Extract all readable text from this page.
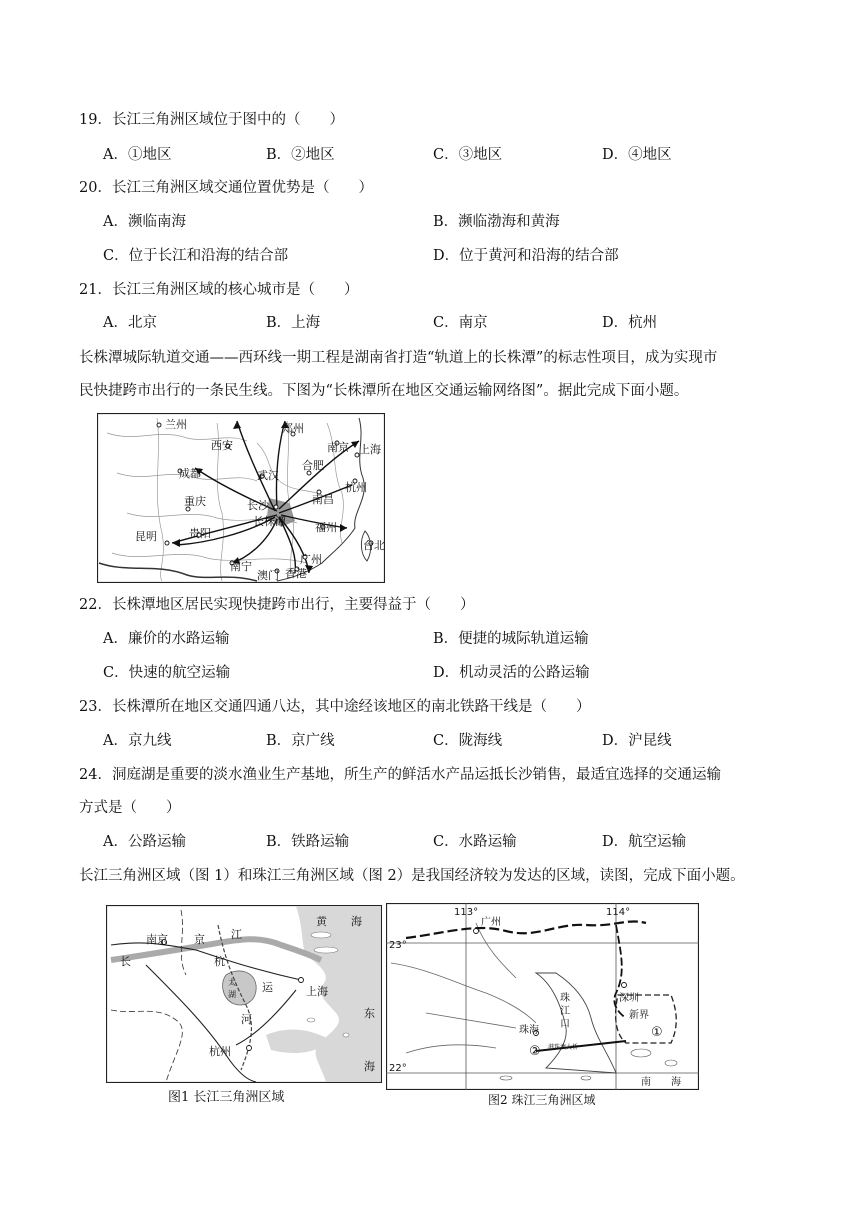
19．长江三角洲区域位于图中的（　　）
A．①地区	B．②地区	C．③地区	D．④地区
20．长江三角洲区域交通位置优势是（　　）
A．濒临南海	B．濒临渤海和黄海
C．位于长江和沿海的结合部	D．位于黄河和沿海的结合部
21．长江三角洲区域的核心城市是（　　）
A．北京	B．上海	C．南京	D．杭州
长株潭城际轨道交通——西环线一期工程是湖南省打造“轨道上的长株潭”的标志性项目，成为实现市
民快捷跨市出行的一条民生线。下图为“长株潭所在地区交通运输网络图”。据此完成下面小题。
兰州	郑州
西安	南京 上海
成都	武汉
合肥
杭州
南昌
重庆	长沙
长株潭	福州
昆明	贵阳
台北
广州
南宁
澳门 香港
22．长株潭地区居民实现快捷跨市出行，主要得益于（　　）
A．廉价的水路运输	B．便捷的城际轨道运输
C．快速的航空运输	D．机动灵活的公路运输
23．长株潭所在地区交通四通八达，其中途经该地区的南北铁路干线是（　　）
A．京九线	B．京广线	C．陇海线	D．沪昆线
24．洞庭湖是重要的淡水渔业生产基地，所生产的鲜活水产品运抵长沙销售，最适宜选择的交通运输
方式是（　　）
A．公路运输	B．铁路运输	C．水路运输	D．航空运输
长江三角洲区域（图 1）和珠江三角洲区域（图 2）是我国经济较为发达的区域，读图，完成下面小题。
黄 海
南京 京 江
长	杭
太
湖
运	上海
东
河
杭州
海
图1 长江三角洲区域
113°
广州
114°
23°
深圳
珠
江
口
新界
珠海	①
②
22°
南 海
港珠澳大桥
图2 珠江三角洲区域
